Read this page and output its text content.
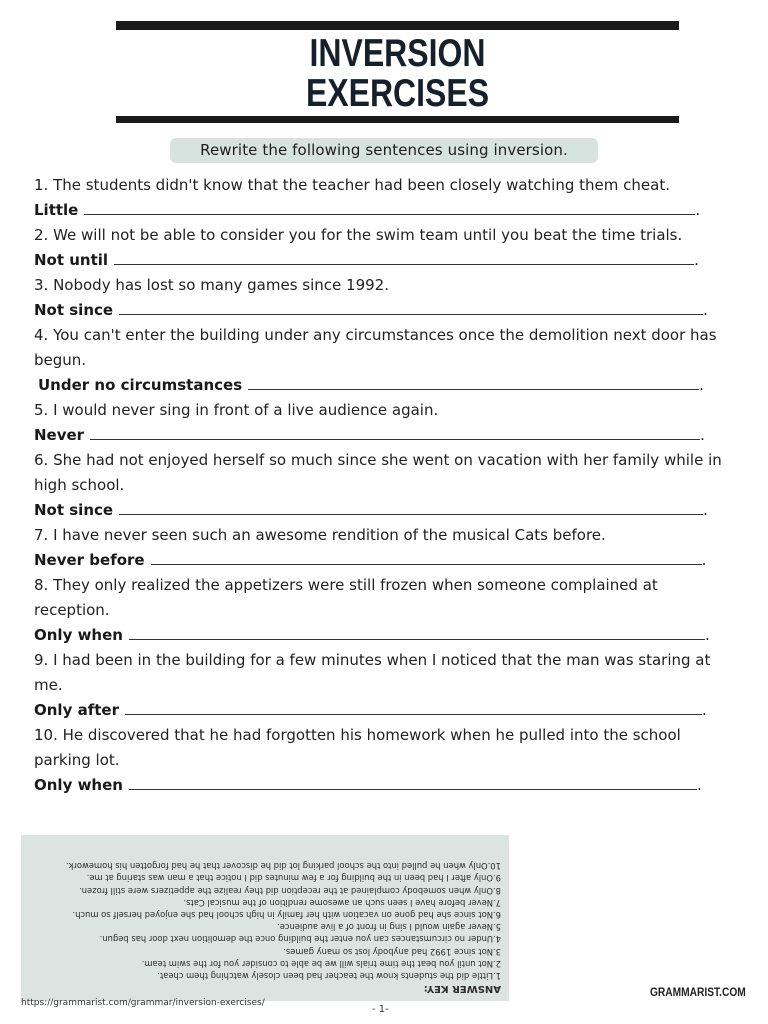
INVERSION
EXERCISES
Rewrite the following sentences using inversion.

1. The students didn't know that the teacher had been closely watching them cheat.

Little	.

2. We will not be able to consider you for the swim team until you beat the time trials.

Not until	.

3. Nobody has lost so many games since 1992.

Not since	.

4. You can't enter the building under any circumstances once the demolition next door has begun.

Under no circumstances	.

5. I would never sing in front of a live audience again.

Never	.

6. She had not enjoyed herself so much since she went on vacation with her family while in high school.

Not since	.

7. I have never seen such an awesome rendition of the musical Cats before.

Never before	.

8. They only realized the appetizers were still frozen when someone complained at reception.

Only when	.

9. I had been in the building for a few minutes when I noticed that the man was staring at me.

Only after	.

10. He discovered that he had forgotten his homework when he pulled into the school parking lot.

Only when	.
ANSWER KEY:
1.Little did the students know the teacher had been closely watching them cheat.
2.Not until you beat the time trials will we be able to consider you for the swim team.
3.Not since 1992 had anybody lost so many games.
4.Under no circumstances can you enter the building once the demolition next door has begun.
5.Never again would I sing in front of a live audience.
6.Not since she had gone on vacation with her family in high school had she enjoyed herself so much.
7.Never before have I seen such an awesome rendition of the musical Cats.
8.Only when somebody complained at the reception did they realize the appetizers were still frozen.
9.Only after I had been in the building for a few minutes did I notice that a man was staring at me.
10.Only when he pulled into the school parking lot did he discover that he had forgotten his homework.
https://grammarist.com/grammar/inversion-exercises/
- 1-
GRAMMARIST.COM
